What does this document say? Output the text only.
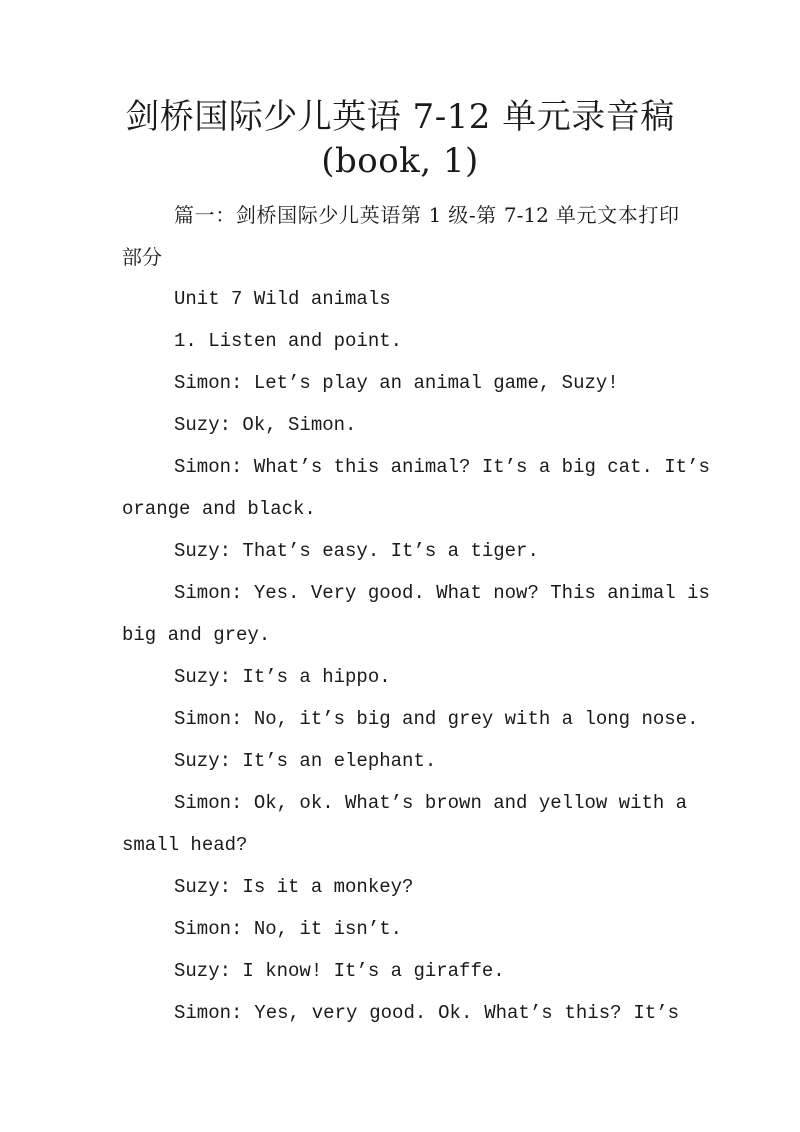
剑桥国际少儿英语 7-12 单元录音稿
(book, 1)
篇一：剑桥国际少儿英语第 1 级-第 7-12 单元文本打印
部分
Unit 7 Wild animals
1. Listen and point.
Simon: Let’s play an animal game, Suzy!
Suzy: Ok, Simon.
Simon: What’s this animal? It’s a big cat. It’s
orange and black.
Suzy: That’s easy. It’s a tiger.
Simon: Yes. Very good. What now? This animal is
big and grey.
Suzy: It’s a hippo.
Simon: No, it’s big and grey with a long nose.
Suzy: It’s an elephant.
Simon: Ok, ok. What’s brown and yellow with a
small head?
Suzy: Is it a monkey?
Simon: No, it isn’t.
Suzy: I know! It’s a giraffe.
Simon: Yes, very good. Ok. What’s this? It’s
